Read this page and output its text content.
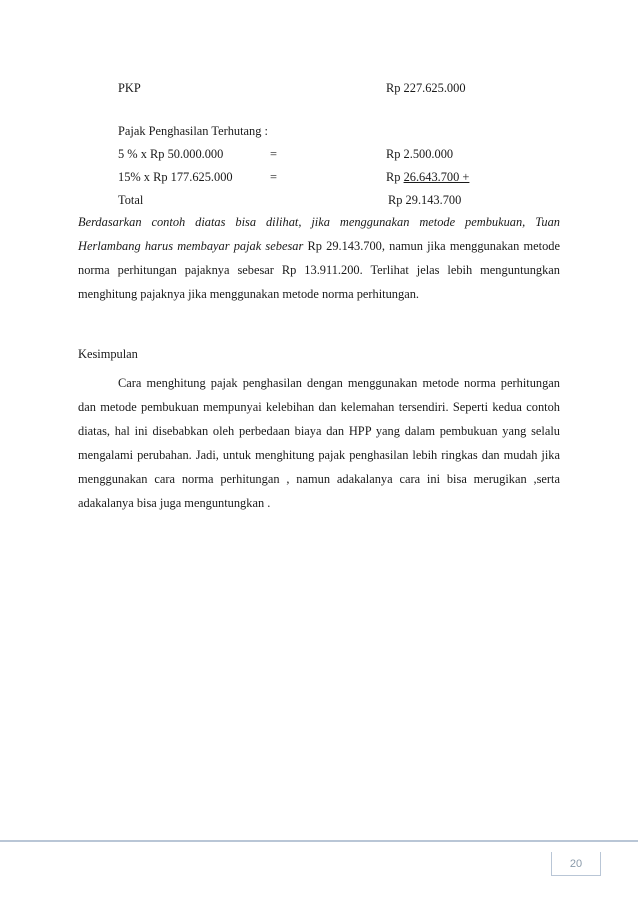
PKP	Rp 227.625.000
Pajak Penghasilan Terhutang :
5 % x Rp 50.000.000	=	Rp 2.500.000
15% x Rp 177.625.000	=	Rp 26.643.700 +
Total	Rp 29.143.700
Berdasarkan contoh diatas bisa dilihat, jika menggunakan metode pembukuan, Tuan
Herlambang harus membayar pajak sebesar Rp 29.143.700, namun jika menggunakan metode
norma perhitungan pajaknya sebesar Rp 13.911.200. Terlihat jelas lebih menguntungkan
menghitung pajaknya jika menggunakan metode norma perhitungan.
Kesimpulan
Cara menghitung pajak penghasilan dengan menggunakan metode norma perhitungan
dan metode pembukuan mempunyai kelebihan dan kelemahan tersendiri. Seperti kedua contoh
diatas, hal ini disebabkan oleh perbedaan biaya dan HPP yang dalam pembukuan yang selalu
mengalami perubahan. Jadi, untuk menghitung pajak penghasilan lebih ringkas dan mudah jika
menggunakan cara norma perhitungan , namun adakalanya cara ini bisa merugikan ,serta
adakalanya bisa juga menguntungkan .
20
